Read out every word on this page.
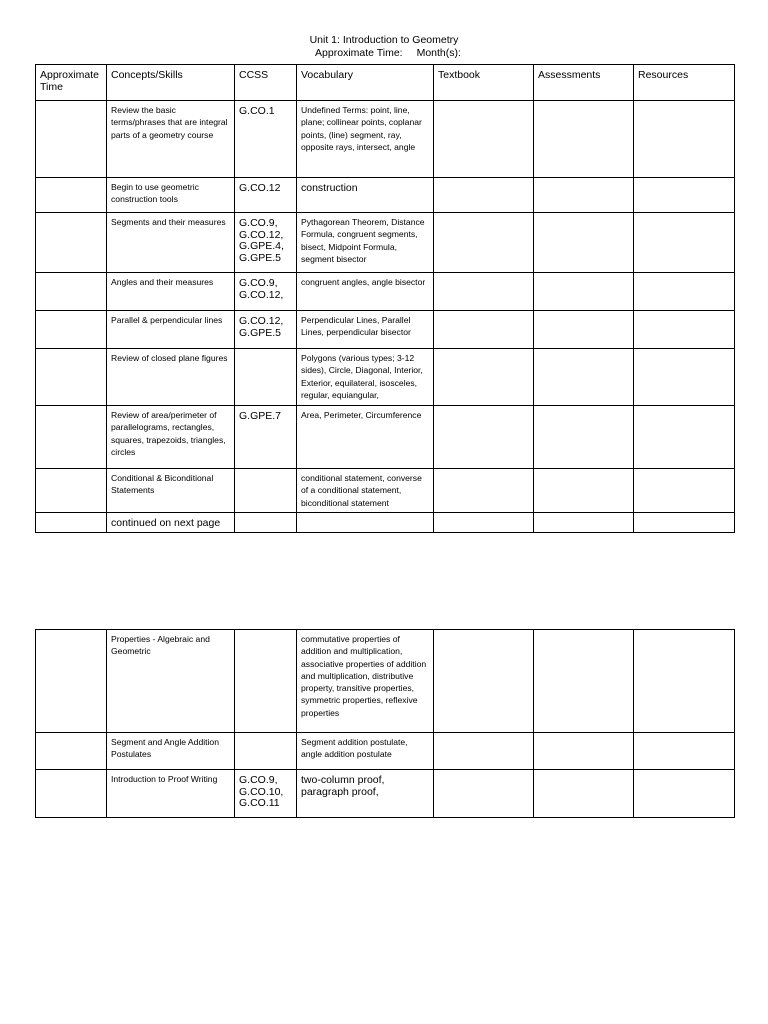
Unit 1: Introduction to Geometry
Approximate Time: Month(s):
Approximate Time	Concepts/Skills	CCSS	Vocabulary	Textbook	Assessments	Resources
	Review the basic terms/phrases that are integral parts of a geometry course	G.CO.1	Undefined Terms: point, line, plane; collinear points, coplanar points, (line) segment, ray, opposite rays, intersect, angle			
	Begin to use geometric construction tools	G.CO.12	construction			
	Segments and their measures	G.CO.9, G.CO.12, G.GPE.4, G.GPE.5	Pythagorean Theorem, Distance Formula, congruent segments, bisect, Midpoint Formula, segment bisector			
	Angles and their measures	G.CO.9, G.CO.12,	congruent angles, angle bisector			
	Parallel & perpendicular lines	G.CO.12, G.GPE.5	Perpendicular Lines, Parallel Lines, perpendicular bisector			
	Review of closed plane figures		Polygons (various types; 3-12 sides), Circle, Diagonal, Interior, Exterior, equilateral, isosceles, regular, equiangular,			
	Review of area/perimeter of parallelograms, rectangles, squares, trapezoids, triangles, circles	G.GPE.7	Area, Perimeter, Circumference			
	Conditional & Biconditional Statements		conditional statement, converse of a conditional statement, biconditional statement			
	continued on next page					
	Properties - Algebraic and Geometric		commutative properties of addition and multiplication, associative properties of addition and multiplication, distributive property, transitive properties, symmetric properties, reflexive properties			
	Segment and Angle Addition Postulates		Segment addition postulate, angle addition postulate			
	Introduction to Proof Writing	G.CO.9, G.CO.10, G.CO.11	two-column proof, paragraph proof,			
